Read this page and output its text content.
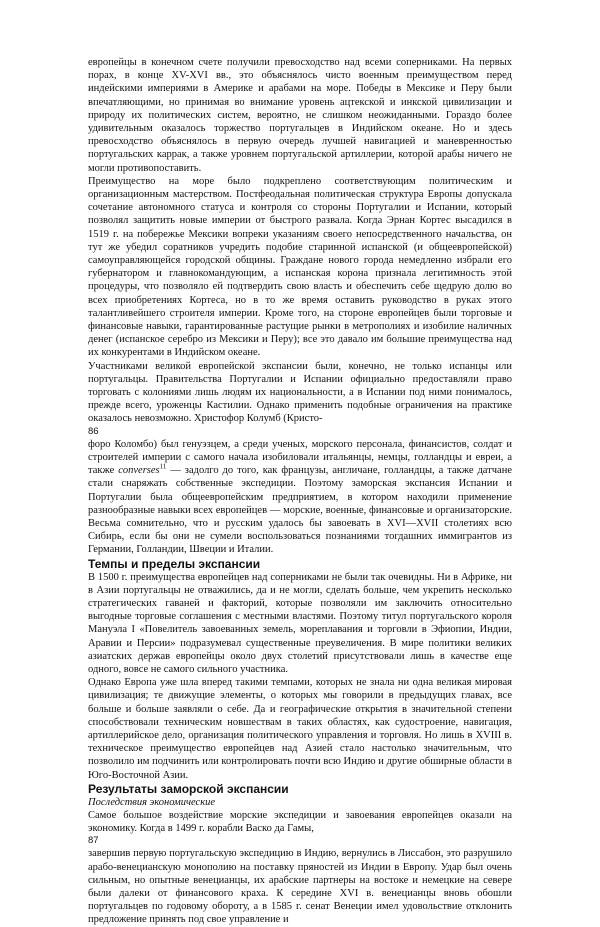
европейцы в конечном счете получили превосходство над всеми соперниками. На первых порах, в конце XV-XVI вв., это объяснялось чисто военным преимуществом перед индейскими империями в Америке и арабами на море. Победы в Мексике и Перу были впечатляющими, но принимая во внимание уровень ацтекской и инкской цивилизации и природу их политических систем, вероятно, не слишком неожиданными. Гораздо более удивительным оказалось торжество португальцев в Индийском океане. Но и здесь превосходство объяснялось в первую очередь лучшей навигацией и маневренностью португальских каррак, а также уровнем португальской артиллерии, которой арабы ничего не могли противопоставить.

Преимущество на море было подкреплено соответствующим политическим и организационным мастерством. Постфеодальная политическая структура Европы допускала сочетание автономного статуса и контроля со стороны Португалии и Испании, который позволял защитить новые империи от быстрого развала. Когда Эрнан Кортес высадился в 1519 г. на побережье Мексики вопреки указаниям своего непосредственного начальства, он тут же убедил соратников учредить подобие старинной испанской (и общеевропейской) самоуправляющейся городской общины. Граждане нового города немедленно избрали его губернатором и главнокомандующим, а испанская корона признала легитимность этой процедуры, что позволяло ей подтвердить свою власть и обеспечить себе щедрую долю во всех приобретениях Кортеса, но в то же время оставить руководство в руках этого талантливейшего строителя империи. Кроме того, на стороне европейцев были торговые и финансовые навыки, гарантированные растущие рынки в метрополиях и изобилие наличных денег (испанское серебро из Мексики и Перу); все это давало им большие преимущества над их конкурентами в Индийском океане.

Участниками великой европейской экспансии были, конечно, не только испанцы или португальцы. Правительства Португалии и Испании официально предоставляли право торговать с колониями лишь людям их национальности, а в Испании под ними понималось, прежде всего, уроженцы Кастилии. Однако применить подобные ограничения на практике оказалось невозможно. Христофор Колумб (Кристо-

86

форо Коломбо) был генуэзцем, а среди ученых, морского персонала, финансистов, солдат и строителей империи с самого начала изобиловали итальянцы, немцы, голландцы и евреи, а также converses$^{11}$ — задолго до того, как французы, англичане, голландцы, а также датчане стали снаряжать собственные экспедиции. Поэтому заморская экспансия Испании и Португалии была общеевропейским предприятием, в котором находили применение разнообразные навыки всех европейцев — морские, военные, финансовые и организаторские. Весьма сомнительно, что и русским удалось бы завоевать в XVI—XVII столетиях всю Сибирь, если бы они не сумели воспользоваться познаниями тогдашних иммигрантов из Германии, Голландии, Швеции и Италии.

Темпы и пределы экспансии

В 1500 г. преимущества европейцев над соперниками не были так очевидны. Ни в Африке, ни в Азии португальцы не отважились, да и не могли, сделать больше, чем укрепить несколько стратегических гаваней и факторий, которые позволяли им заключить относительно выгодные торговые соглашения с местными властями. Поэтому титул португальского короля Мануэла I «Повелитель завоеванных земель, мореплавания и торговли в Эфиопии, Индии, Аравии и Персии» подразумевал существенные преувеличения. В мире политики великих азиатских держав европейцы около двух столетий присутствовали лишь в качестве еще одного, вовсе не самого сильного участника.

Однако Европа уже шла вперед такими темпами, которых не знала ни одна великая мировая цивилизация; те движущие элементы, о которых мы говорили в предыдущих главах, все больше и больше заявляли о себе. Да и географические открытия в значительной степени способствовали техническим новшествам в таких областях, как судостроение, навигация, артиллерийское дело, организация политического управления и торговля. Но лишь в XVIII в. техническое преимущество европейцев над Азией стало настолько значительным, что позволило им подчинить или контролировать почти всю Индию и другие обширные области в Юго-Восточной Азии.

Результаты заморской экспансии

Последствия экономические

Самое большое воздействие морские экспедиции и завоевания европейцев оказали на экономику. Когда в 1499 г. корабли Васко да Гамы,

87

завершив первую португальскую экспедицию в Индию, вернулись в Лиссабон, это разрушило арабо-венецианскую монополию на поставку пряностей из Индии в Европу. Удар был очень сильным, но опытные венецианцы, их арабские партнеры на востоке и немецкие на севере были далеки от финансового краха. К середине XVI в. венецианцы вновь обошли португальцев по годовому обороту, а в 1585 г. сенат Венеции имел удовольствие отклонить предложение принять под свое управление и
